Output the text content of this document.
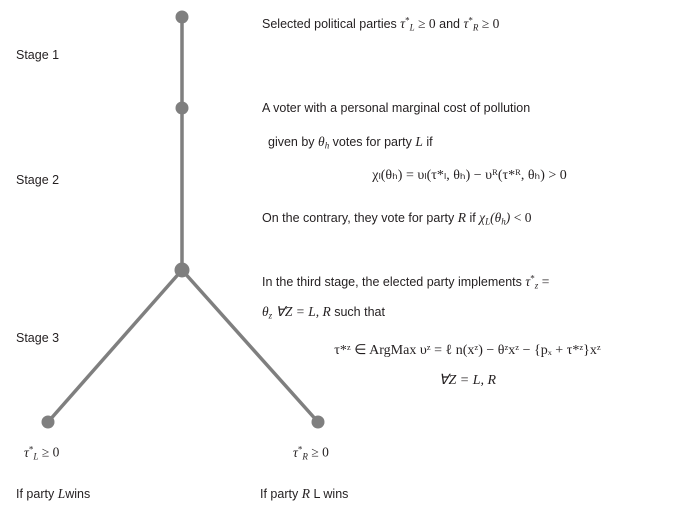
Stage 1
Stage 2
Stage 3
Selected political parties $\tau^*_L \ge 0$ and $\tau^*_R \ge 0$
A voter with a personal marginal cost of pollution
given by $\theta_h$ votes for party L if
χₗ(θₕ) = υₗ(τ*ₗ, θₕ) − υᴿ(τ*ᴿ, θₕ) > 0
On the contrary, they vote for party R if $\chi_L(\theta_h) < 0$
In the third stage, the elected party implements $\tau^*_z$ =
$\theta_z$ ∀Z = L, R such that
τ*ᶻ ∈ ArgMax υᶻ = ℓ n(xᶻ) − θᶻxᶻ − {pₓ + τ*ᶻ}xᶻ
∀Z = L, R
$\tau^*_L \ge 0$	$\tau^*_R \ge 0$
If party Lwins	If party R L wins
